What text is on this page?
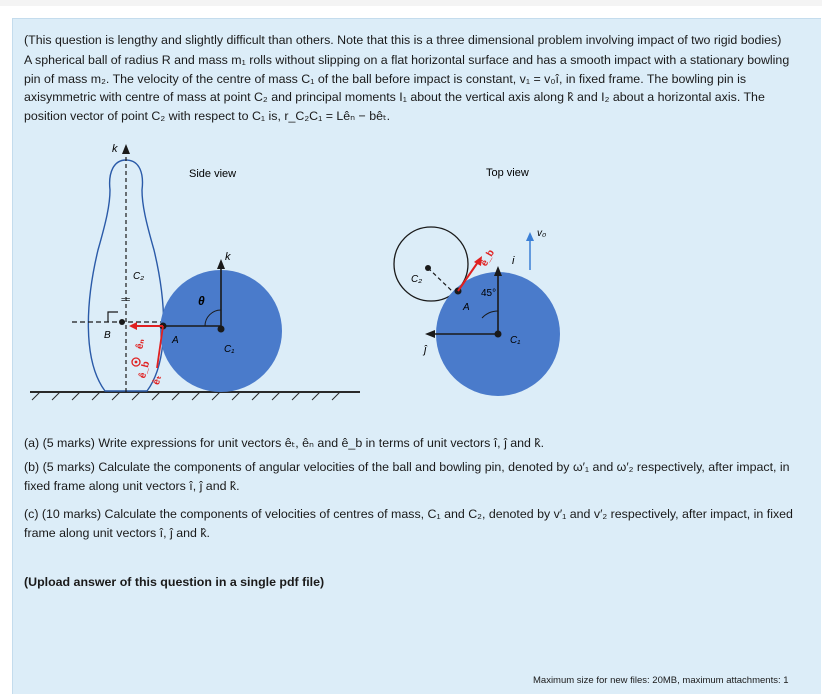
(This question is lengthy and slightly difficult than others. Note that this is a three dimensional problem involving impact of two rigid bodies)
A spherical ball of radius R and mass m₁ rolls without slipping on a flat horizontal surface and has a smooth impact with a stationary bowling pin of mass m₂. The velocity of the centre of mass C₁ of the ball before impact is constant, v₁ = v₀î, in fixed frame. The bowling pin is axisymmetric with centre of mass at point C₂ and principal moments I₁ about the vertical axis along k̂ and I₂ about a horizontal axis. The position vector of point C₂ with respect to C₁ is, r_C₂C₁ = Lêₙ − bêₜ.
k
C₂
==
B
k
C₁
θ
A
êₙ
êₜ
ê_b
Side view	Top view
C₂
A
i
ĵ
45°
C₁
ê_b
v₀
(a) (5 marks) Write expressions for unit vectors êₜ, êₙ and ê_b in terms of unit vectors î, ĵ and k̂.
(b) (5 marks) Calculate the components of angular velocities of the ball and bowling pin, denoted by ω′₁ and ω′₂ respectively, after impact, in fixed frame along unit vectors î, ĵ and k̂.
(c) (10 marks) Calculate the components of velocities of centres of mass, C₁ and C₂, denoted by v′₁ and v′₂ respectively, after impact, in fixed frame along unit vectors î, ĵ and k̂.
(Upload answer of this question in a single pdf file)
Maximum size for new files: 20MB, maximum attachments: 1
